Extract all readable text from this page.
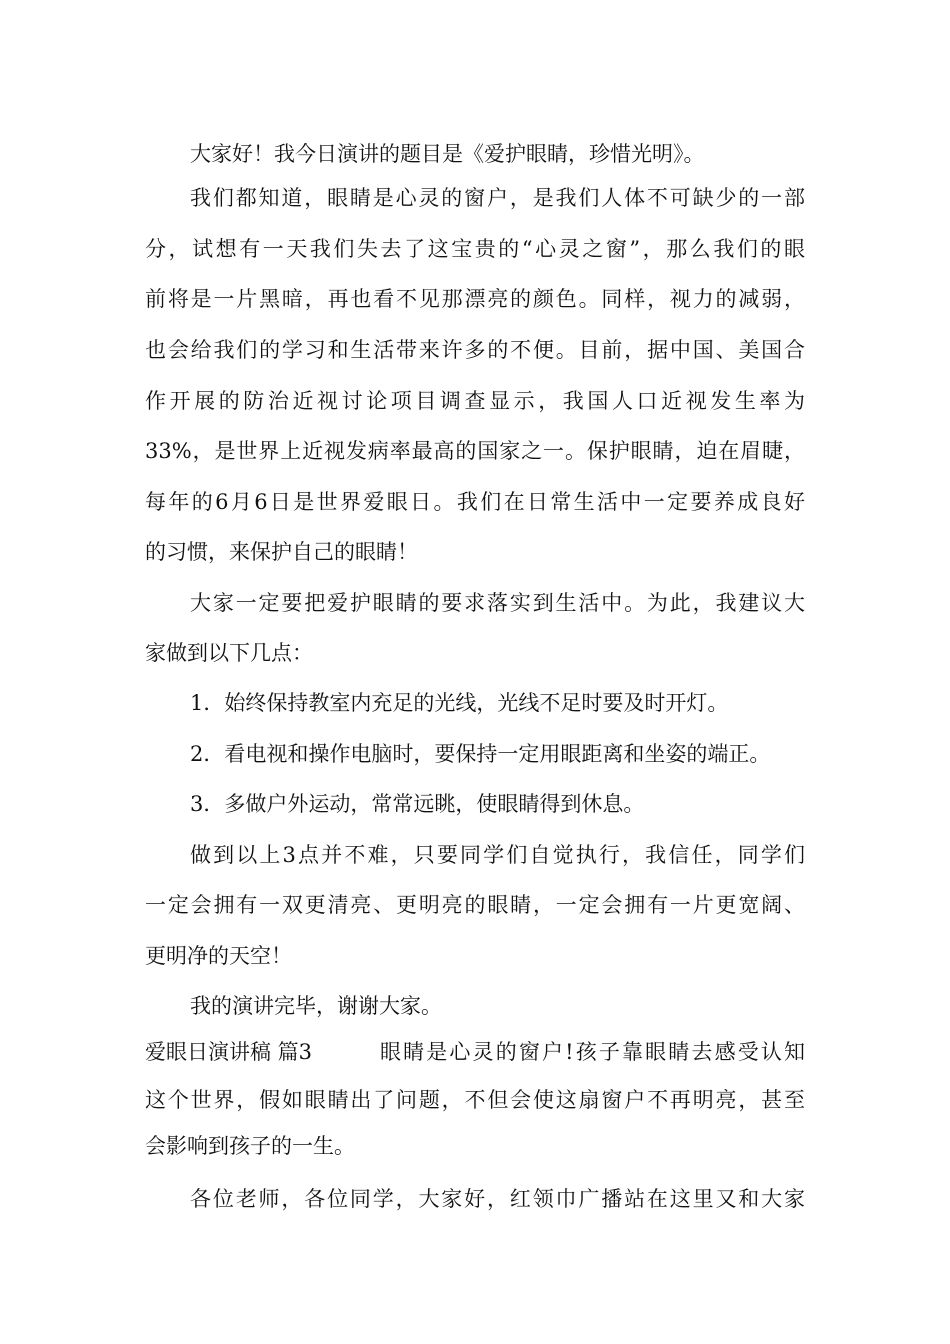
大家好！我今日演讲的题目是《爱护眼睛，珍惜光明》。
我们都知道，眼睛是心灵的窗户，是我们人体不可缺少的一部
分，试想有一天我们失去了这宝贵的“心灵之窗”，那么我们的眼
前将是一片黑暗，再也看不见那漂亮的颜色。同样，视力的减弱，
也会给我们的学习和生活带来许多的不便。目前，据中国、美国合
作开展的防治近视讨论项目调查显示，我国人口近视发生率为
33%，是世界上近视发病率最高的国家之一。保护眼睛，迫在眉睫，
每年的6月6日是世界爱眼日。我们在日常生活中一定要养成良好
的习惯，来保护自己的眼睛！
大家一定要把爱护眼睛的要求落实到生活中。为此，我建议大
家做到以下几点：
1．始终保持教室内充足的光线，光线不足时要及时开灯。
2．看电视和操作电脑时，要保持一定用眼距离和坐姿的端正。
3．多做户外运动，常常远眺，使眼睛得到休息。
做到以上3点并不难，只要同学们自觉执行，我信任，同学们
一定会拥有一双更清亮、更明亮的眼睛，一定会拥有一片更宽阔、
更明净的天空！
我的演讲完毕，谢谢大家。
爱眼日演讲稿 篇3	眼睛是心灵的窗户!孩子靠眼睛去感受认知
这个世界，假如眼睛出了问题，不但会使这扇窗户不再明亮，甚至
会影响到孩子的一生。
各位老师，各位同学，大家好，红领巾广播站在这里又和大家
